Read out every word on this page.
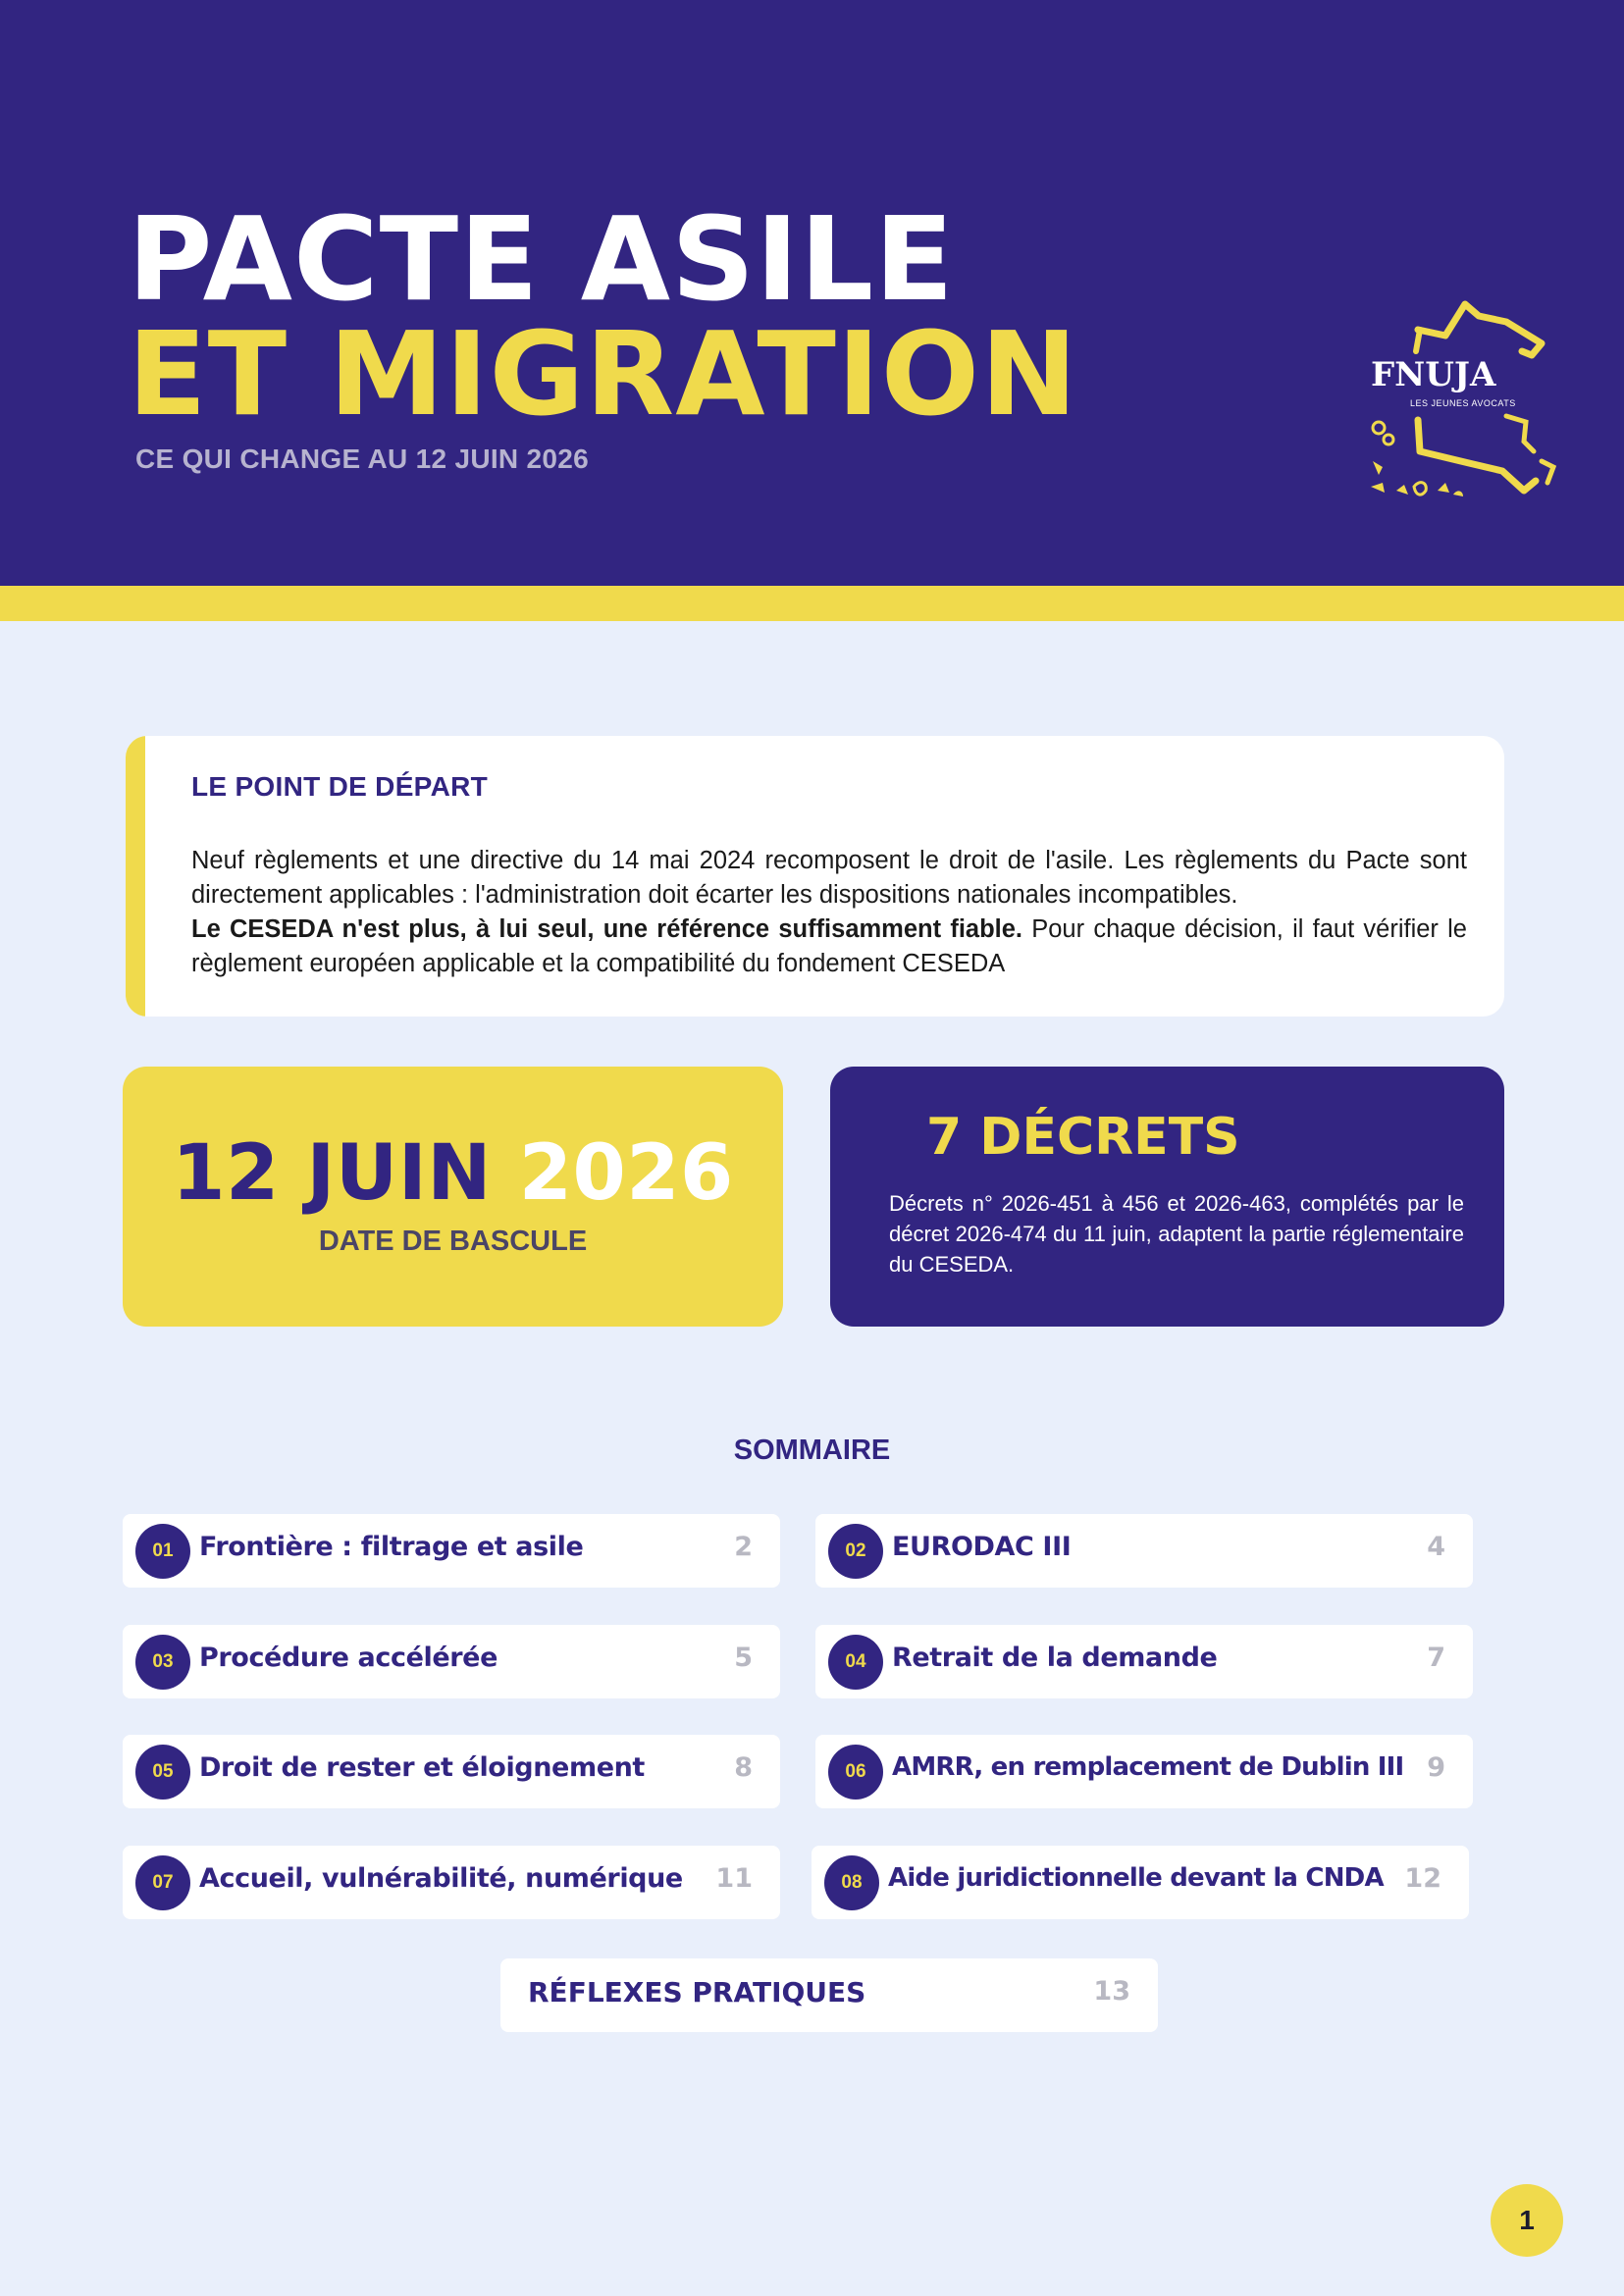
PACTE ASILE
ET MIGRATION
CE QUI CHANGE AU 12 JUIN 2026
FNUJA
LES JEUNES AVOCATS
LE POINT DE DÉPART

Neuf règlements et une directive du 14 mai 2024 recomposent le droit de l'asile. Les règlements du Pacte sont directement applicables : l'administration doit écarter les dispositions nationales incompatibles.
Le CESEDA n'est plus, à lui seul, une référence suffisamment fiable. Pour chaque décision, il faut vérifier le règlement européen applicable et la compatibilité du fondement CESEDA

12 JUIN 2026
DATE DE BASCULE
7 DÉCRETS

Décrets n° 2026-451 à 456 et 2026-463, complétés par le décret 2026-474 du 11 juin, adaptent la partie réglementaire du CESEDA.

SOMMAIRE
01 Frontière : filtrage et asile	2	02 EURODAC III	4
03 Procédure accélérée	5	04 Retrait de la demande	7
05 Droit de rester et éloignement	8	06	AMRR, en remplacement de Dublin III 9
07 Accueil, vulnérabilité, numérique 11	08	Aide juridictionnelle devant la CNDA 12
RÉFLEXES PRATIQUES	13
1
